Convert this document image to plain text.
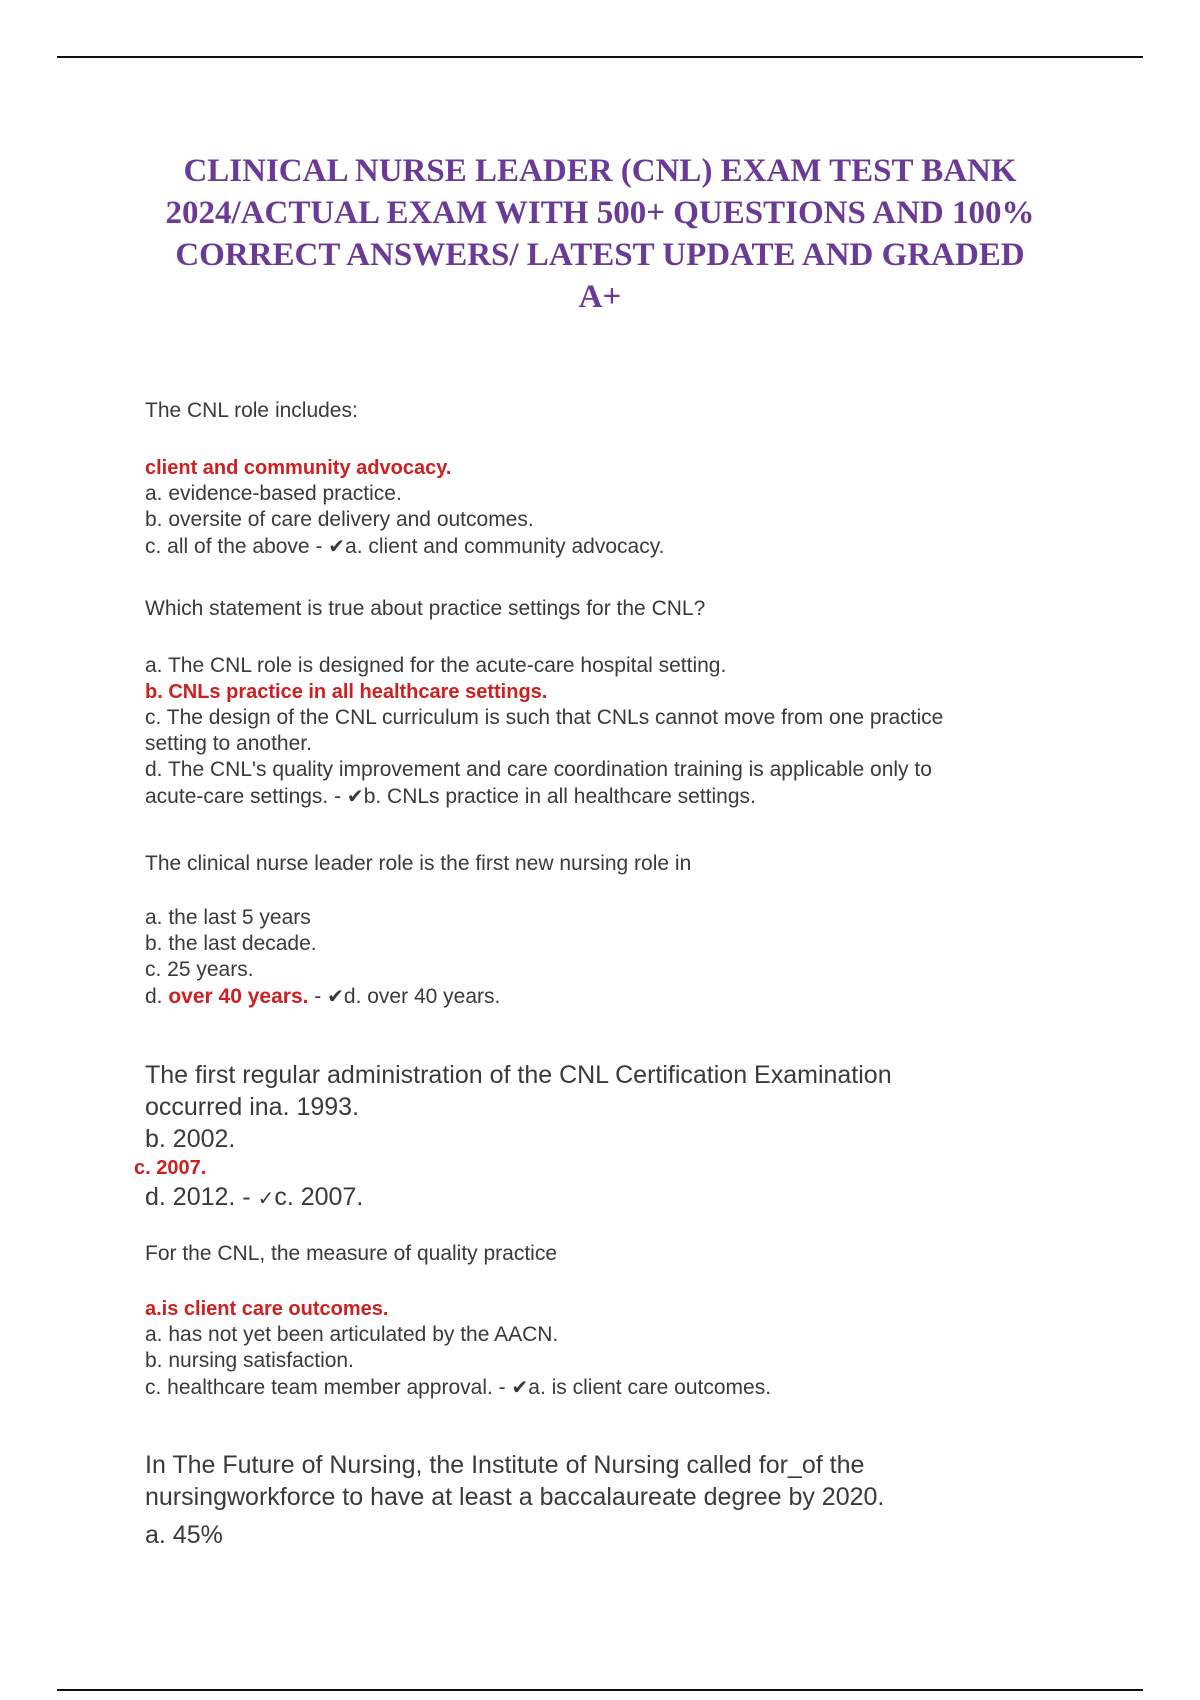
CLINICAL NURSE LEADER (CNL) EXAM TEST BANK
2024/ACTUAL EXAM WITH 500+ QUESTIONS AND 100%
CORRECT ANSWERS/ LATEST UPDATE AND GRADED
A+
The CNL role includes:
client and community advocacy.
a. evidence-based practice.
b. oversite of care delivery and outcomes.
c. all of the above - ✔a. client and community advocacy.
Which statement is true about practice settings for the CNL?
a. The CNL role is designed for the acute-care hospital setting.
b. CNLs practice in all healthcare settings.
c. The design of the CNL curriculum is such that CNLs cannot move from one practice
setting to another.
d. The CNL's quality improvement and care coordination training is applicable only to
acute-care settings. - ✔b. CNLs practice in all healthcare settings.
The clinical nurse leader role is the first new nursing role in
a. the last 5 years
b. the last decade.
c. 25 years.
d. over 40 years. - ✔d. over 40 years.
The first regular administration of the CNL Certification Examination
occurred ina. 1993.
b. 2002.
c. 2007.
d. 2012. - ✓c. 2007.
For the CNL, the measure of quality practice
a.is client care outcomes.
a. has not yet been articulated by the AACN.
b. nursing satisfaction.
c. healthcare team member approval. - ✔a. is client care outcomes.
In The Future of Nursing, the Institute of Nursing called for_of the
nursingworkforce to have at least a baccalaureate degree by 2020.
a. 45%
